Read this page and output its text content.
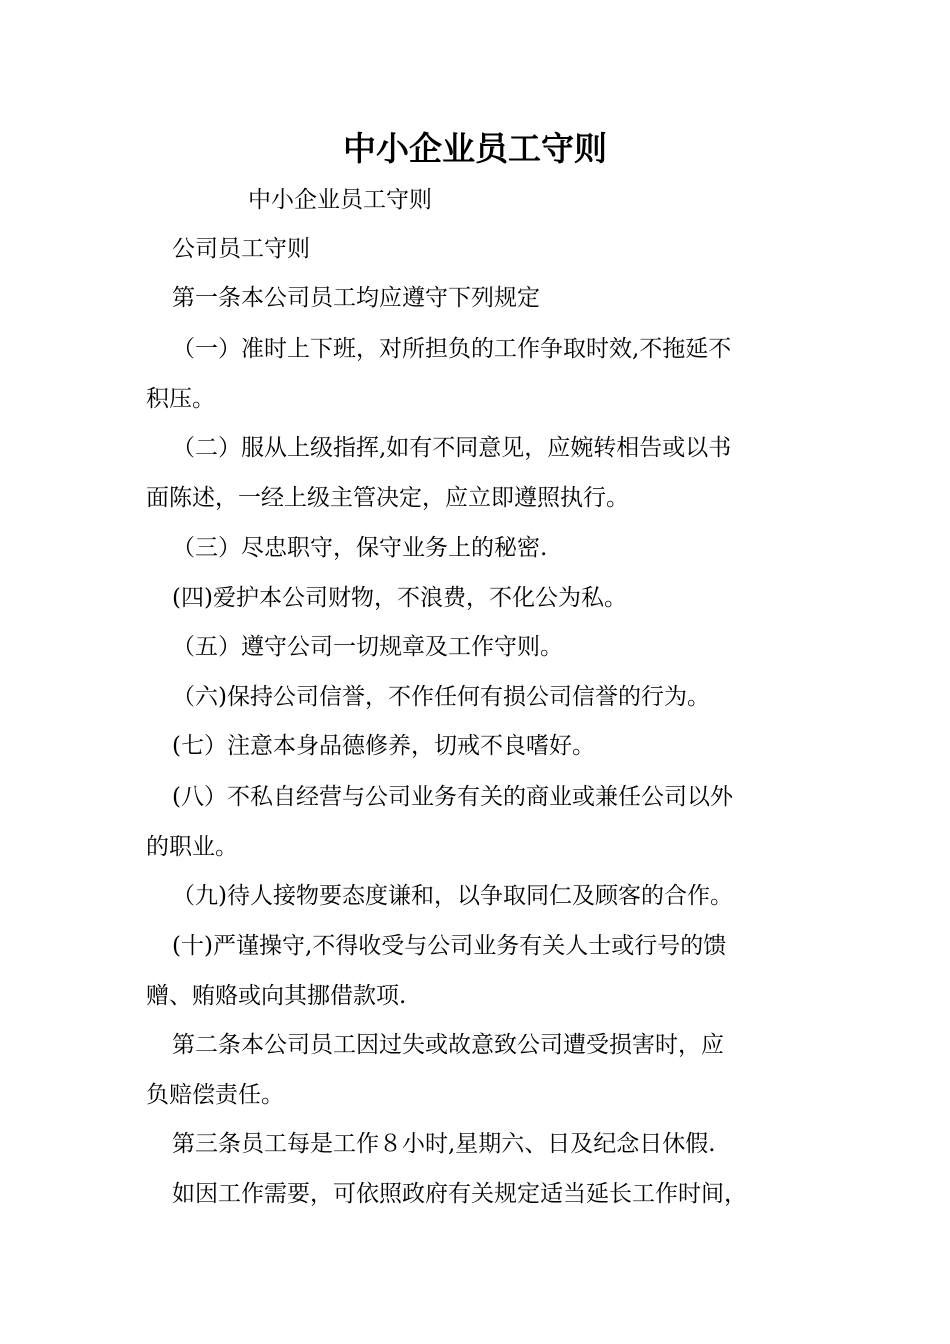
中小企业员工守则
中小企业员工守则
公司员工守则
第一条本公司员工均应遵守下列规定
（一）准时上下班，对所担负的工作争取时效,不拖延不
积压。
（二）服从上级指挥,如有不同意见，应婉转相告或以书
面陈述，一经上级主管决定，应立即遵照执行。
（三）尽忠职守，保守业务上的秘密.
(四)爱护本公司财物，不浪费，不化公为私。
（五）遵守公司一切规章及工作守则。
（六)保持公司信誉，不作任何有损公司信誉的行为。
(七）注意本身品德修养，切戒不良嗜好。
(八）不私自经营与公司业务有关的商业或兼任公司以外
的职业。
（九)待人接物要态度谦和，以争取同仁及顾客的合作。
(十)严谨操守,不得收受与公司业务有关人士或行号的馈
赠、贿赂或向其挪借款项.
第二条本公司员工因过失或故意致公司遭受损害时，应
负赔偿责任。
第三条员工每是工作８小时,星期六、日及纪念日休假.
如因工作需要，可依照政府有关规定适当延长工作时间，
